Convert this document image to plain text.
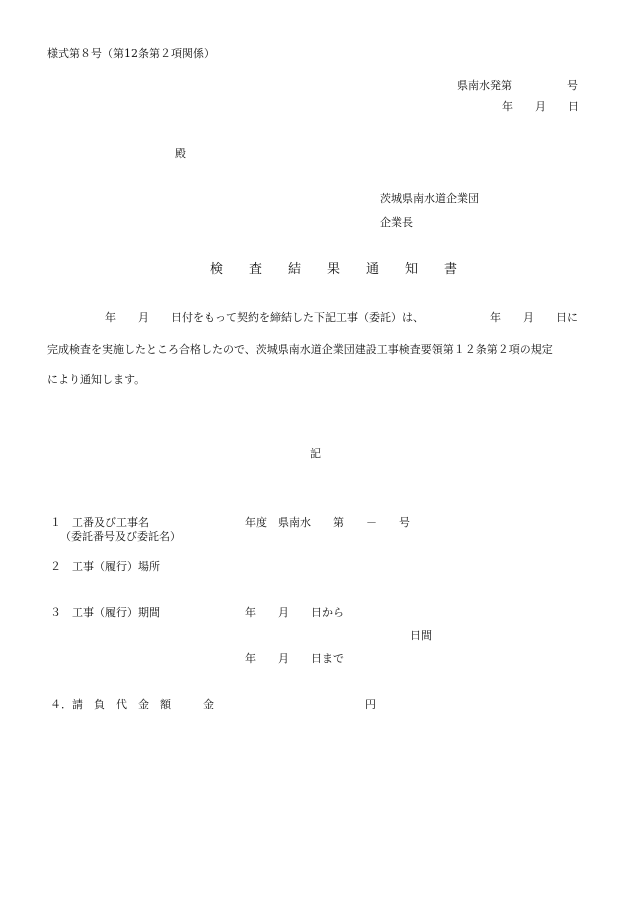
様式第８号（第12条第２項関係）
県南水発第　　　　　号
年　　月　　日
殿
茨城県南水道企業団
企業長
検　　査　　結　　果　　通　　知　　書
年　　月　　日付をもって契約を締結した下記工事（委託）は、	年　　月　　日に
完成検査を実施したところ合格したので、茨城県南水道企業団建設工事検査要領第１２条第２項の規定
により通知します。
記
１　工番及び工事名
（委託番号及び委託名）
年度　県南水　　第　　－　　号
２　工事（履行）場所
３　工事（履行）期間	年　　月　　日から
日間
年　　月　　日まで
４．請　負　代　金　額	金	円
